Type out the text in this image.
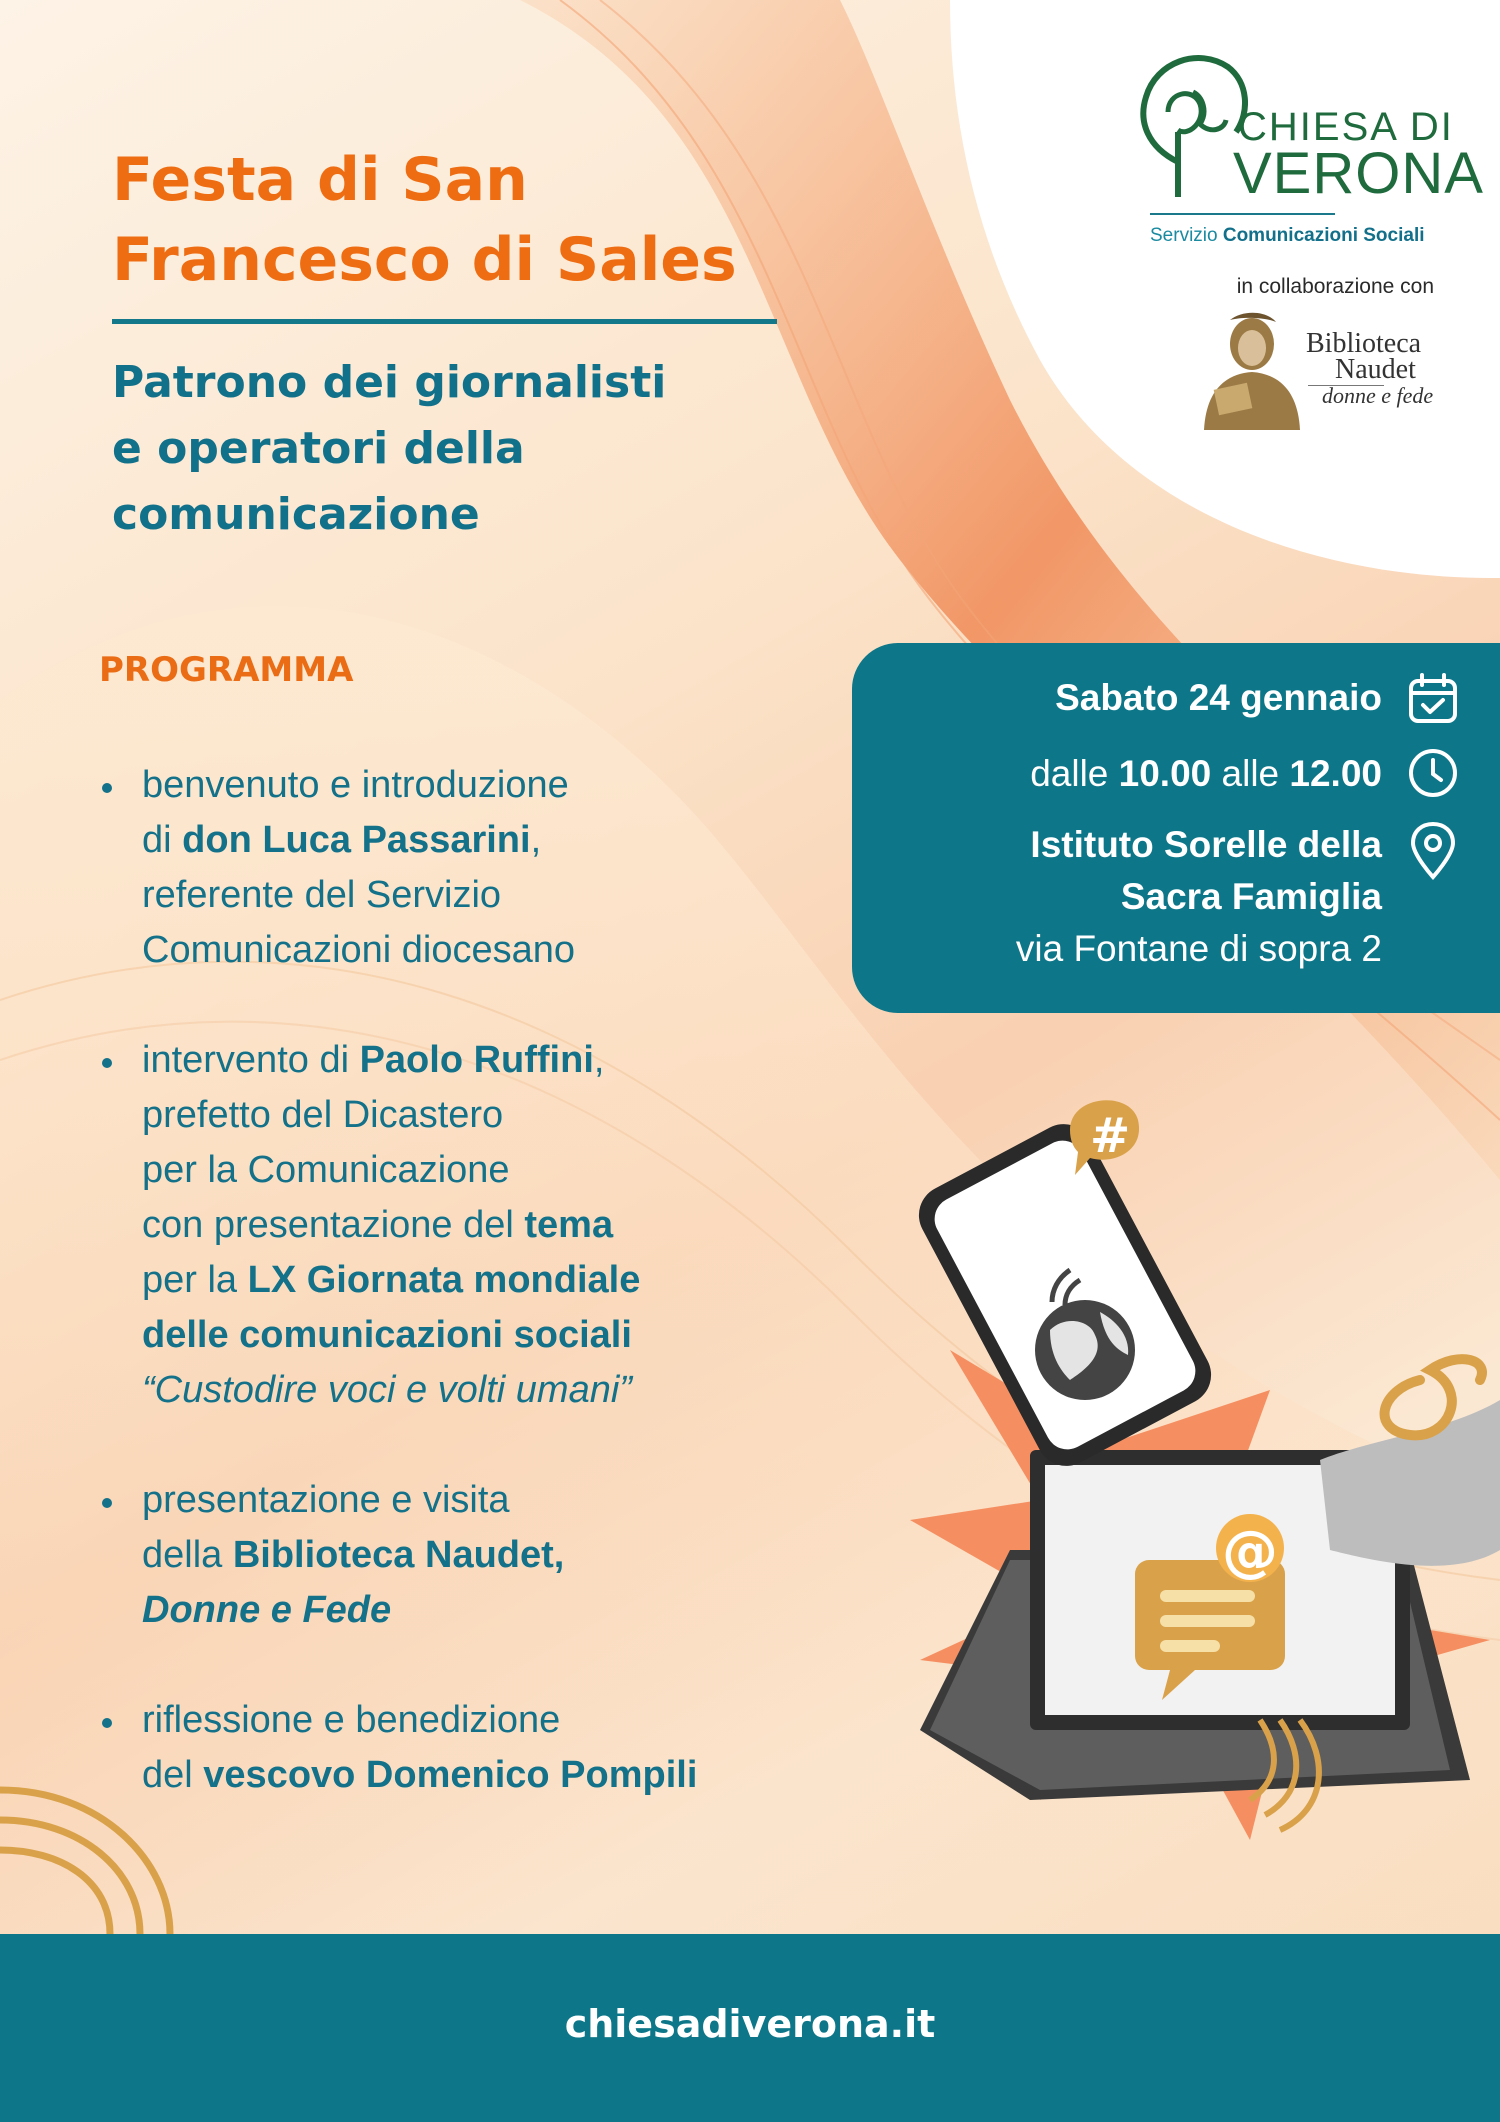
CHIESA DI
VERONA
Servizio Comunicazioni Sociali
in collaborazione con
Biblioteca
Naudet
donne e fede
Festa di San
Francesco di Sales
Patrono dei giornalisti
e operatori della
comunicazione
PROGRAMMA
benvenuto e introduzione
di don Luca Passarini,
referente del Servizio
Comunicazioni diocesano
intervento di Paolo Ruffini,
prefetto del Dicastero
per la Comunicazione
con presentazione del tema
per la LX Giornata mondiale
delle comunicazioni sociali
“Custodire voci e volti umani”
presentazione e visita
della Biblioteca Naudet,
Donne e Fede
riflessione e benedizione
del vescovo Domenico Pompili
Sabato 24 gennaio
dalle 10.00 alle 12.00
Istituto Sorelle della
Sacra Famiglia
via Fontane di sopra 2
#
@
chiesadiverona.it
